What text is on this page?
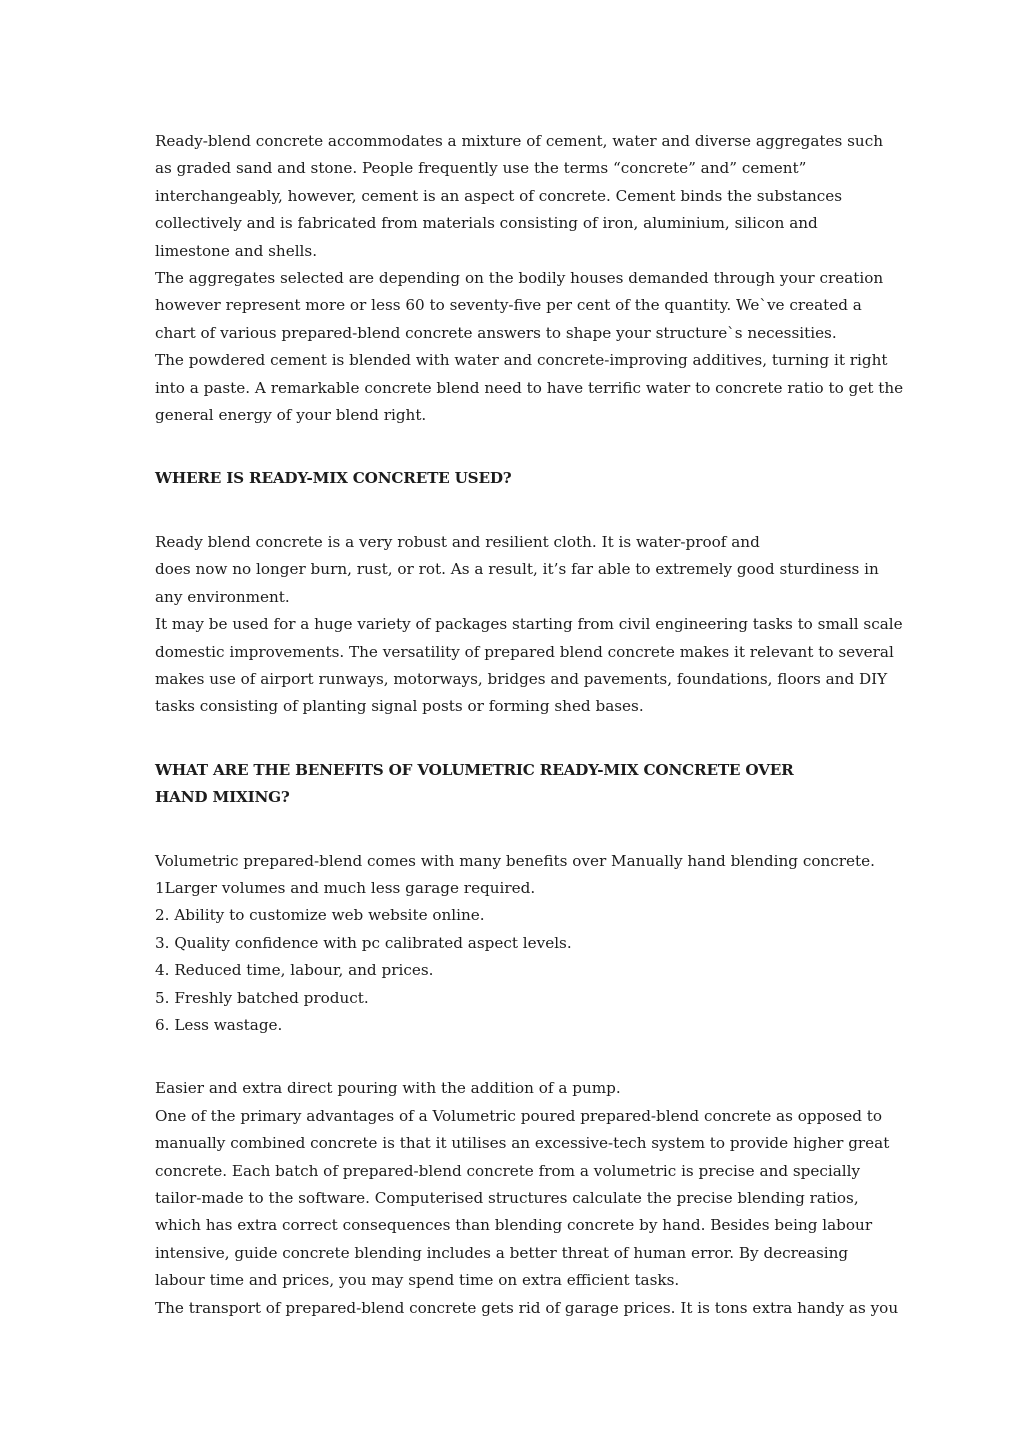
Ready-blend concrete accommodates a mixture of cement, water and diverse aggregates such
as graded sand and stone. People frequently use the terms “concrete” and” cement”
interchangeably, however, cement is an aspect of concrete. Cement binds the substances
collectively and is fabricated from materials consisting of iron, aluminium, silicon and
limestone and shells.
The aggregates selected are depending on the bodily houses demanded through your creation
however represent more or less 60 to seventy-five per cent of the quantity. We`ve created a
chart of various prepared-blend concrete answers to shape your structure`s necessities.
The powdered cement is blended with water and concrete-improving additives, turning it right
into a paste. A remarkable concrete blend need to have terrific water to concrete ratio to get the
general energy of your blend right.
WHERE IS READY-MIX CONCRETE USED?
Ready blend concrete is a very robust and resilient cloth. It is water-proof and
does now no longer burn, rust, or rot. As a result, it’s far able to extremely good sturdiness in
any environment.
It may be used for a huge variety of packages starting from civil engineering tasks to small scale
domestic improvements. The versatility of prepared blend concrete makes it relevant to several
makes use of airport runways, motorways, bridges and pavements, foundations, floors and DIY
tasks consisting of planting signal posts or forming shed bases.
WHAT ARE THE BENEFITS OF VOLUMETRIC READY-MIX CONCRETE OVER
HAND MIXING?
Volumetric prepared-blend comes with many benefits over Manually hand blending concrete.
1Larger volumes and much less garage required.
2. Ability to customize web website online.
3. Quality confidence with pc calibrated aspect levels.
4. Reduced time, labour, and prices.
5. Freshly batched product.
6. Less wastage.
Easier and extra direct pouring with the addition of a pump.
One of the primary advantages of a Volumetric poured prepared-blend concrete as opposed to
manually combined concrete is that it utilises an excessive-tech system to provide higher great
concrete. Each batch of prepared-blend concrete from a volumetric is precise and specially
tailor-made to the software. Computerised structures calculate the precise blending ratios,
which has extra correct consequences than blending concrete by hand. Besides being labour
intensive, guide concrete blending includes a better threat of human error. By decreasing
labour time and prices, you may spend time on extra efficient tasks.
The transport of prepared-blend concrete gets rid of garage prices. It is tons extra handy as you
